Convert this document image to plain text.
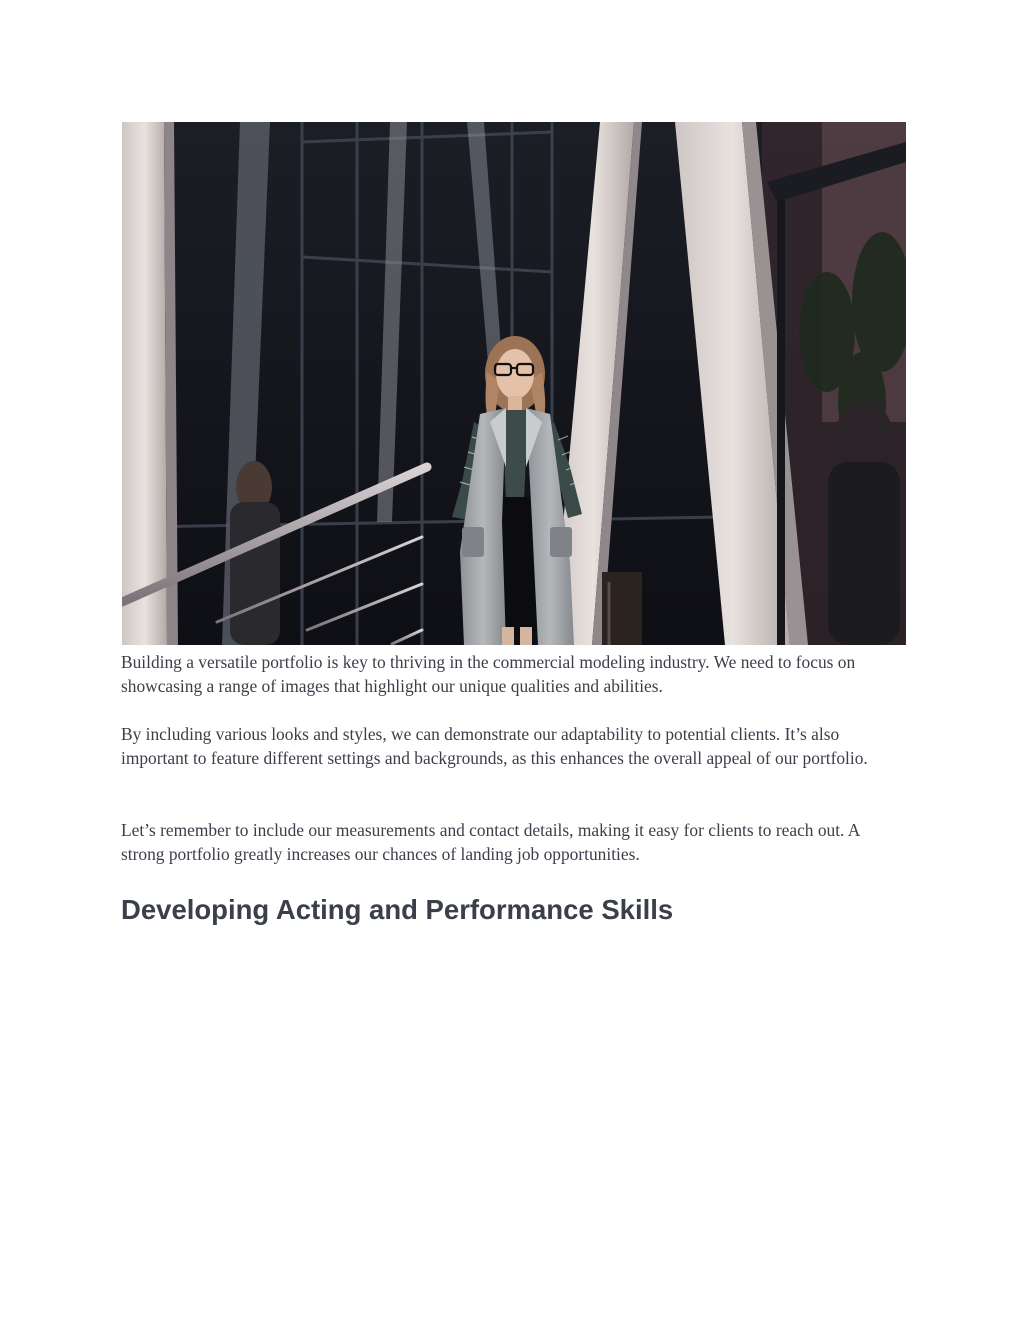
Building a versatile portfolio is key to thriving in the commercial modeling industry. We need to focus on showcasing a range of images that highlight our unique qualities and abilities.

By including various looks and styles, we can demonstrate our adaptability to potential clients. It’s also important to feature different settings and backgrounds, as this enhances the overall appeal of our portfolio.

Let’s remember to include our measurements and contact details, making it easy for clients to reach out. A strong portfolio greatly increases our chances of landing job opportunities.

Developing Acting and Performance Skills
